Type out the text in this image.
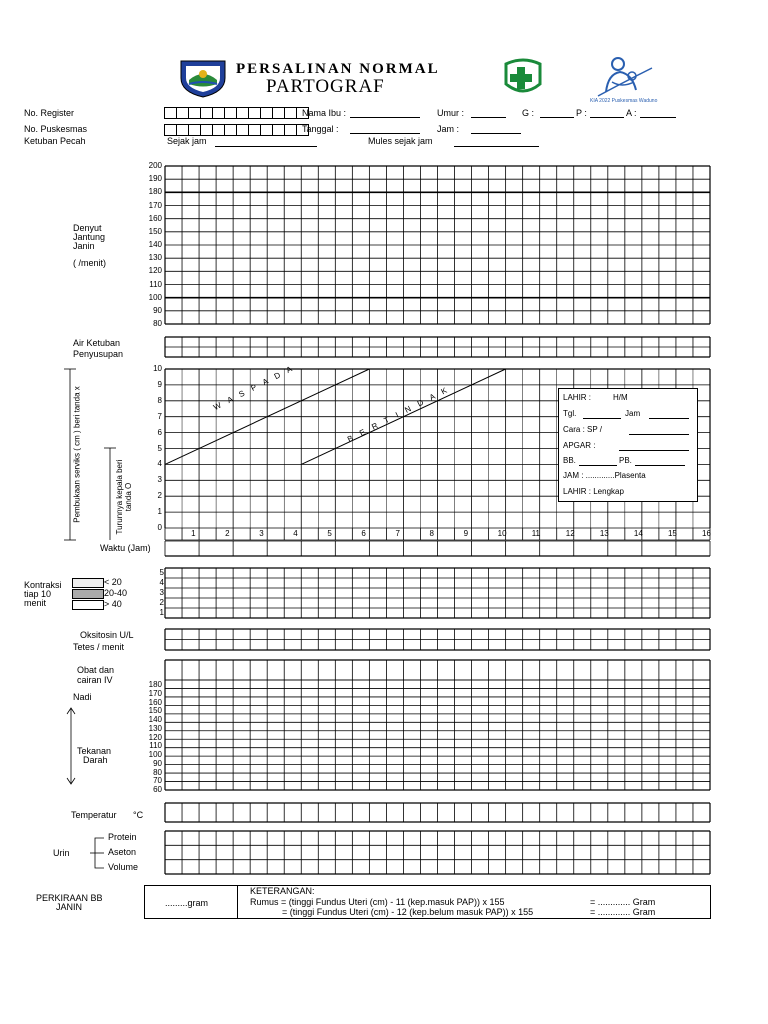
PERSALINAN NORMAL
PARTOGRAF
KIA 2022 Puskesmas Waduno
No. Register
No. Puskesmas
Ketuban Pecah	Sejak jam
Nama Ibu :	Umur :	G :	P :	A :
Tanggal :	Jam :
Mules sejak jam
Denyut
Jantung
Janin
( /menit)
200
190
180
170
160
150
140
130
120
110
100
90
80
Air Ketuban
Penyusupan
Pembukaan serviks ( cm ) beri tanda x	Turunnya kepala beri tanda O
10
9
8
7
6
5
4
3
2
1
0
1	2	3	4	5	6	7	8	9	10	11	12	13	14	15	16
Waktu (Jam)
W A S P A D A	B E R T I N D A K	LAHIR :	H/M
Tgl.	Jam
Cara : SP /
APGAR :
BB.	PB.
JAM : .............Plasenta
LAHIR : Lengkap
Kontraksi
tiap 10
menit
< 20
20-40
> 40
5
4
3
2
1
Oksitosin U/L
Tetes / menit
Obat dan
cairan IV
Nadi
Tekanan
Darah
180
170
160
150
140
130
120
110
100
90
80
70
60
Temperatur °C
Urin
Protein
Aseton
Volume
PERKIRAAN BB
JANIN	.........gram
KETERANGAN:
Rumus = (tinggi Fundus Uteri (cm) - 11 (kep.masuk PAP)) x 155
= (tinggi Fundus Uteri (cm) - 12 (kep.belum masuk PAP)) x 155
= ............. Gram
= ............. Gram
